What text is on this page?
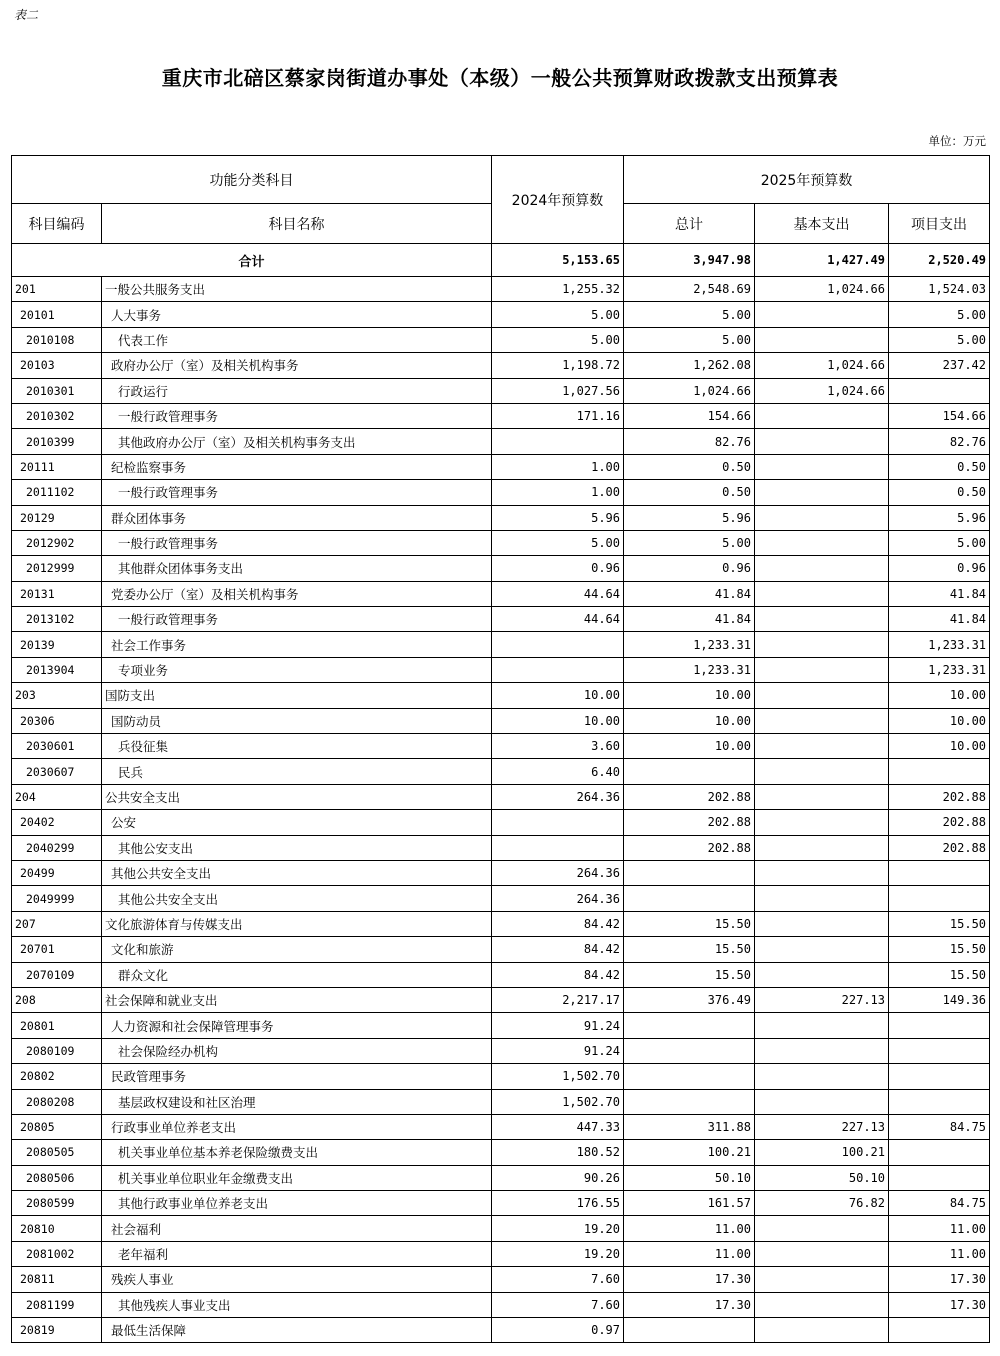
表二
重庆市北碚区蔡家岗街道办事处（本级）一般公共预算财政拨款支出预算表
单位：万元
功能分类科目		2024年预算数	2025年预算数		
科目编码	科目名称		总计	基本支出	项目支出
合计		5,153.65	3,947.98	1,427.49	2,520.49
201	一般公共服务支出	1,255.32	2,548.69	1,024.66	1,524.03
20101	人大事务	5.00	5.00		5.00
2010108	代表工作	5.00	5.00		5.00
20103	政府办公厅（室）及相关机构事务	1,198.72	1,262.08	1,024.66	237.42
2010301	行政运行	1,027.56	1,024.66	1,024.66	
2010302	一般行政管理事务	171.16	154.66		154.66
2010399	其他政府办公厅（室）及相关机构事务支出		82.76		82.76
20111	纪检监察事务	1.00	0.50		0.50
2011102	一般行政管理事务	1.00	0.50		0.50
20129	群众团体事务	5.96	5.96		5.96
2012902	一般行政管理事务	5.00	5.00		5.00
2012999	其他群众团体事务支出	0.96	0.96		0.96
20131	党委办公厅（室）及相关机构事务	44.64	41.84		41.84
2013102	一般行政管理事务	44.64	41.84		41.84
20139	社会工作事务		1,233.31		1,233.31
2013904	专项业务		1,233.31		1,233.31
203	国防支出	10.00	10.00		10.00
20306	国防动员	10.00	10.00		10.00
2030601	兵役征集	3.60	10.00		10.00
2030607	民兵	6.40			
204	公共安全支出	264.36	202.88		202.88
20402	公安		202.88		202.88
2040299	其他公安支出		202.88		202.88
20499	其他公共安全支出	264.36			
2049999	其他公共安全支出	264.36			
207	文化旅游体育与传媒支出	84.42	15.50		15.50
20701	文化和旅游	84.42	15.50		15.50
2070109	群众文化	84.42	15.50		15.50
208	社会保障和就业支出	2,217.17	376.49	227.13	149.36
20801	人力资源和社会保障管理事务	91.24			
2080109	社会保险经办机构	91.24			
20802	民政管理事务	1,502.70			
2080208	基层政权建设和社区治理	1,502.70			
20805	行政事业单位养老支出	447.33	311.88	227.13	84.75
2080505	机关事业单位基本养老保险缴费支出	180.52	100.21	100.21	
2080506	机关事业单位职业年金缴费支出	90.26	50.10	50.10	
2080599	其他行政事业单位养老支出	176.55	161.57	76.82	84.75
20810	社会福利	19.20	11.00		11.00
2081002	老年福利	19.20	11.00		11.00
20811	残疾人事业	7.60	17.30		17.30
2081199	其他残疾人事业支出	7.60	17.30		17.30
20819	最低生活保障	0.97			
